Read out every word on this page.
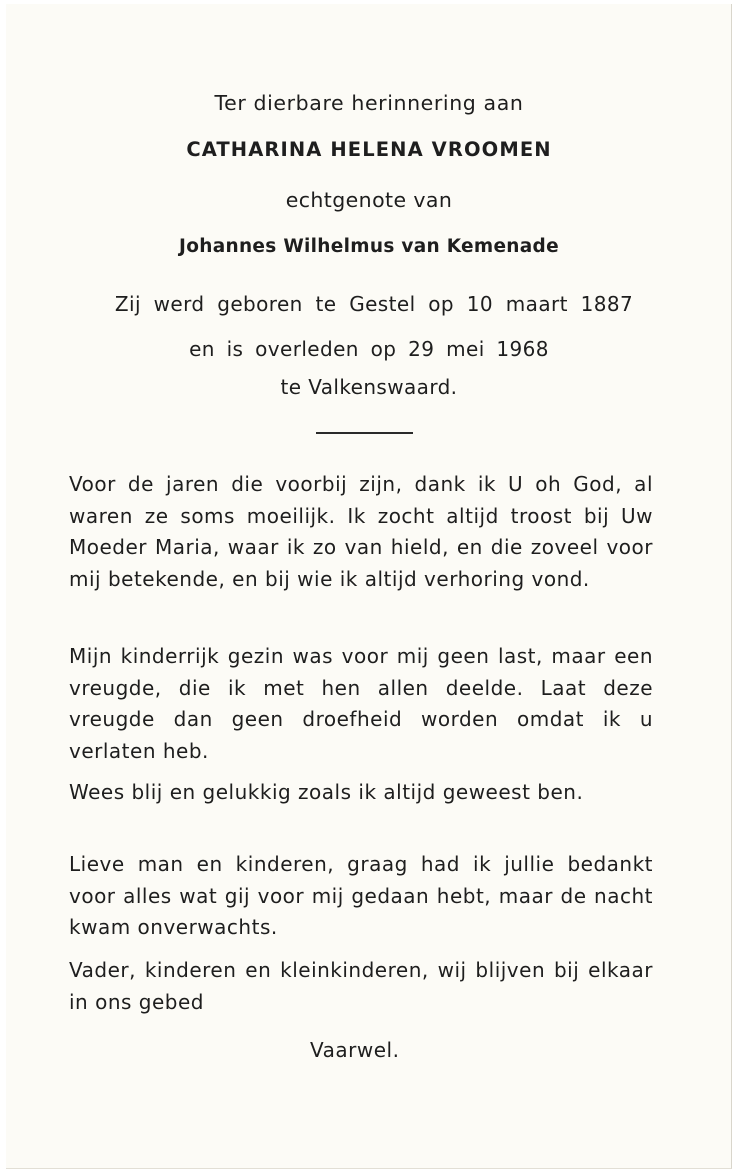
Ter dierbare herinnering aan
CATHARINA HELENA VROOMEN
echtgenote van
Johannes Wilhelmus van Kemenade
Zij werd geboren te Gestel op 10 maart 1887
en is overleden op 29 mei 1968
te Valkenswaard.

Voor de jaren die voorbij zijn, dank ik U oh God, al waren ze soms moeilijk. Ik zocht altijd troost bij Uw Moeder Maria, waar ik zo van hield, en die zoveel voor mij betekende, en bij wie ik altijd verhoring vond.

Mijn kinderrijk gezin was voor mij geen last, maar een vreugde, die ik met hen allen deelde. Laat deze vreugde dan geen droefheid worden omdat ik u verlaten heb.

Wees blij en gelukkig zoals ik altijd geweest ben.

Lieve man en kinderen, graag had ik jullie bedankt voor alles wat gij voor mij gedaan hebt, maar de nacht kwam onverwachts.

Vader, kinderen en kleinkinderen, wij blijven bij elkaar in ons gebed

Vaarwel.
